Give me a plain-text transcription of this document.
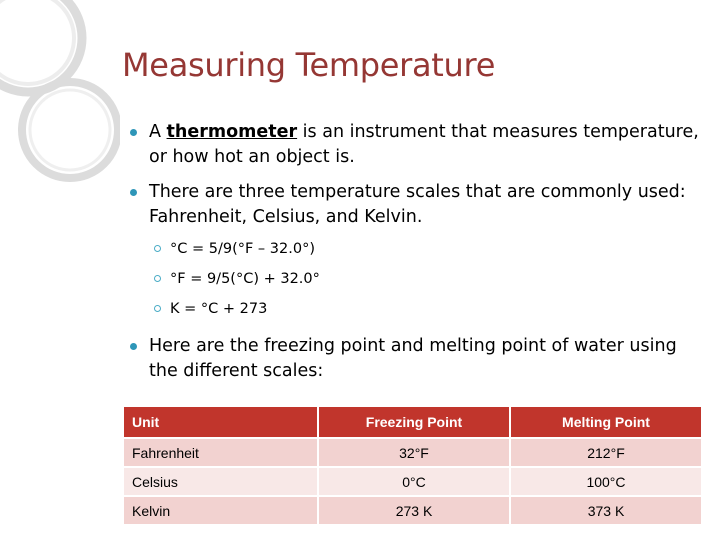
Measuring Temperature
A thermometer is an instrument that measures temperature, or how hot an object is.
There are three temperature scales that are commonly used: Fahrenheit, Celsius, and Kelvin.
°C = 5/9(°F – 32.0°)
°F = 9/5(°C) + 32.0°
K = °C + 273
Here are the freezing point and melting point of water using the different scales:
Unit	Freezing Point	Melting Point
Fahrenheit	32°F	212°F
Celsius	0°C	100°C
Kelvin	273 K	373 K
